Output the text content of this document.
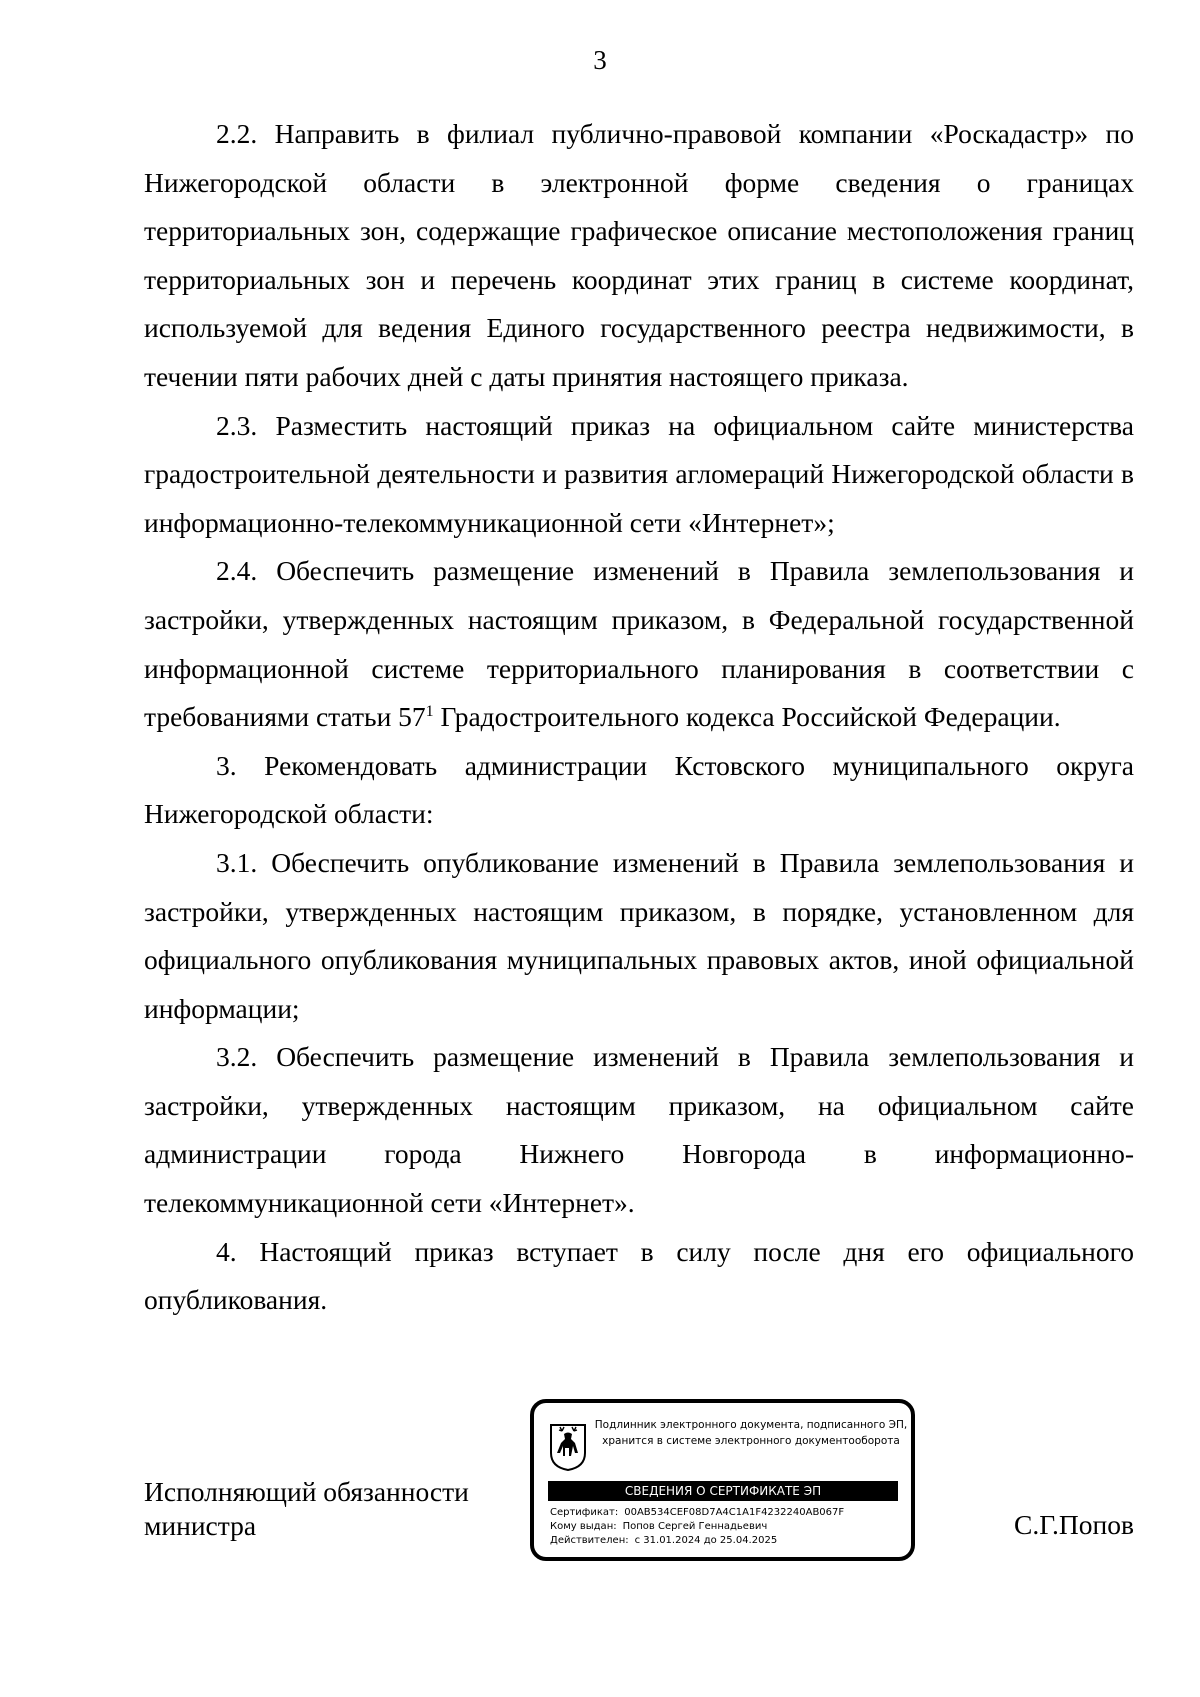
3

2.2. Направить в филиал публично-правовой компании «Роскадастр» по Нижегородской области в электронной форме сведения о границах территориальных зон, содержащие графическое описание местоположения границ территориальных зон и перечень координат этих границ в системе координат, используемой для ведения Единого государственного реестра недвижимости, в течении пяти рабочих дней с даты принятия настоящего приказа.

2.3. Разместить настоящий приказ на официальном сайте министерства градостроительной деятельности и развития агломераций Нижегородской области в информационно-телекоммуникационной сети «Интернет»;

2.4. Обеспечить размещение изменений в Правила землепользования и застройки, утвержденных настоящим приказом, в Федеральной государственной информационной системе территориального планирования в соответствии с требованиями статьи $57^1$ Градостроительного кодекса Российской Федерации.

3. Рекомендовать администрации Кстовского муниципального округа Нижегородской области:

3.1. Обеспечить опубликование изменений в Правила землепользования и застройки, утвержденных настоящим приказом, в порядке, установленном для официального опубликования муниципальных правовых актов, иной официальной информации;

3.2. Обеспечить размещение изменений в Правила землепользования и застройки, утвержденных настоящим приказом, на официальном сайте администрации города Нижнего Новгорода в информационно-телекоммуникационной сети «Интернет».

4. Настоящий приказ вступает в силу после дня его официального опубликования.

Исполняющий обязанности
министра
Подлинник электронного документа, подписанного ЭП, хранится в системе электронного документооборота
СВЕДЕНИЯ О СЕРТИФИКАТЕ ЭП
Сертификат: 00AB534CEF08D7A4C1A1F4232240AB067F
Кому выдан: Попов Сергей Геннадьевич
Действителен: с 31.01.2024 до 25.04.2025
С.Г.Попов
